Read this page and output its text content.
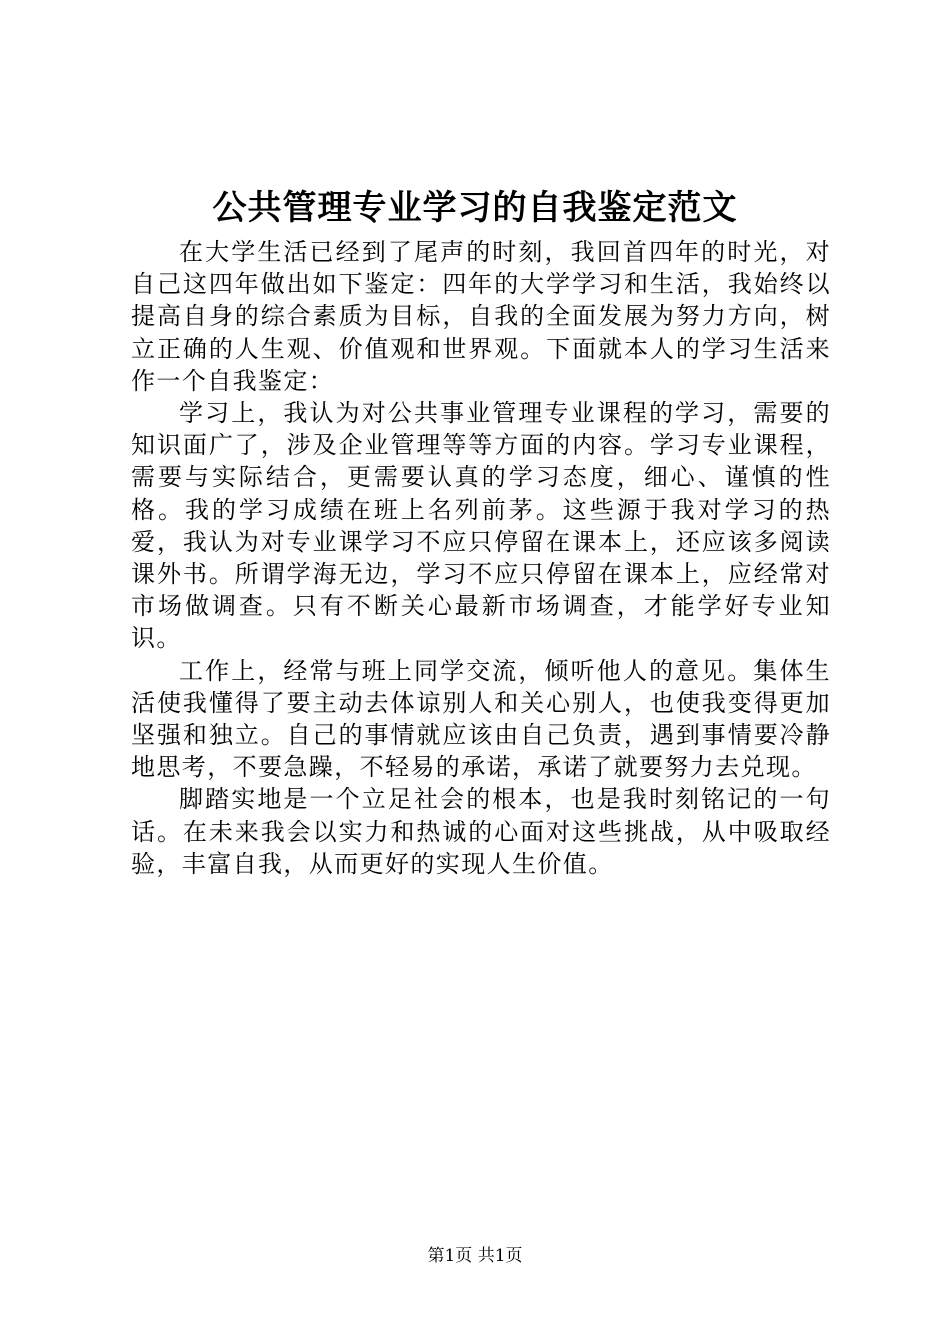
公共管理专业学习的自我鉴定范文

在大学生活已经到了尾声的时刻，我回首四年的时光，对自己这四年做出如下鉴定：四年的大学学习和生活，我始终以提高自身的综合素质为目标，自我的全面发展为努力方向，树立正确的人生观、价值观和世界观。下面就本人的学习生活来作一个自我鉴定：

学习上，我认为对公共事业管理专业课程的学习，需要的知识面广了，涉及企业管理等等方面的内容。学习专业课程，需要与实际结合，更需要认真的学习态度，细心、谨慎的性格。我的学习成绩在班上名列前茅。这些源于我对学习的热爱，我认为对专业课学习不应只停留在课本上，还应该多阅读课外书。所谓学海无边，学习不应只停留在课本上，应经常对市场做调查。只有不断关心最新市场调查，才能学好专业知识。

工作上，经常与班上同学交流，倾听他人的意见。集体生活使我懂得了要主动去体谅别人和关心别人，也使我变得更加坚强和独立。自己的事情就应该由自己负责，遇到事情要冷静地思考，不要急躁，不轻易的承诺，承诺了就要努力去兑现。

脚踏实地是一个立足社会的根本，也是我时刻铭记的一句话。在未来我会以实力和热诚的心面对这些挑战，从中吸取经验，丰富自我，从而更好的实现人生价值。

第1页 共1页
